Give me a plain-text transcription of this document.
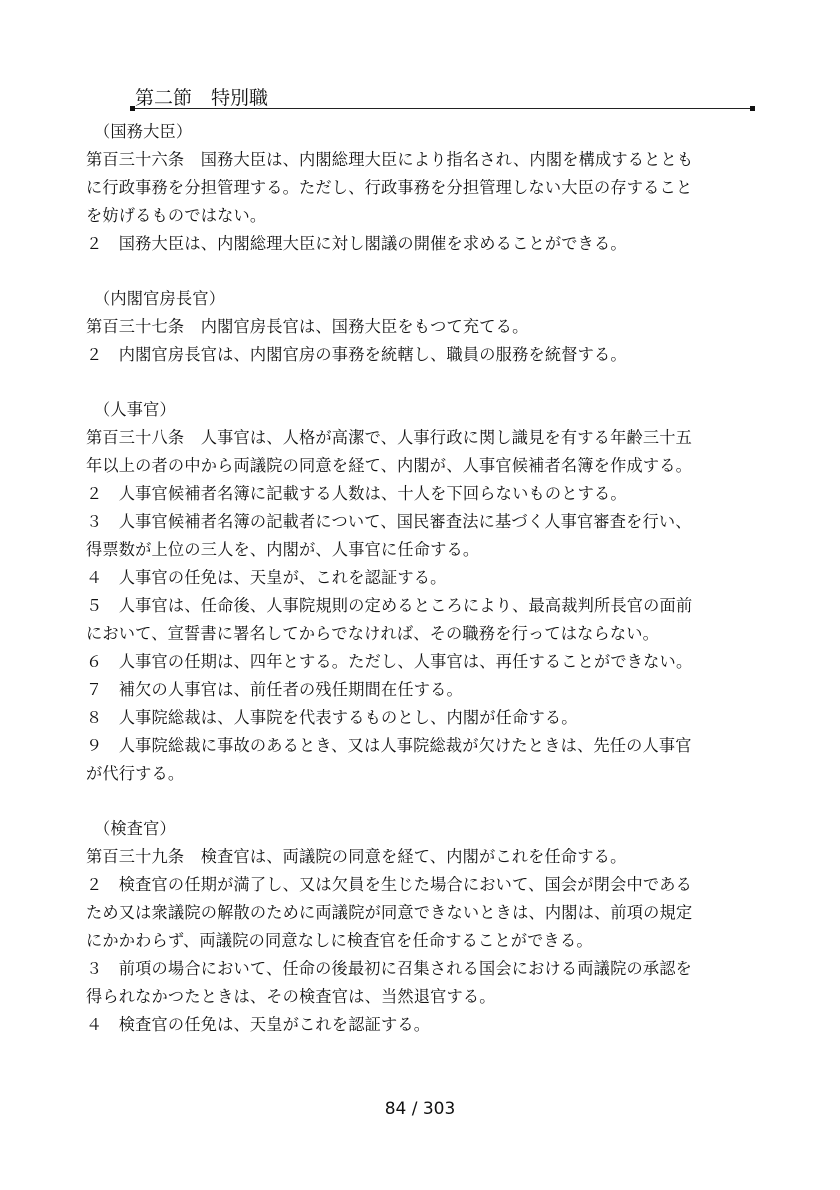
第二節　特別職
（国務大臣）
第百三十六条　国務大臣は、内閣総理大臣により指名され、内閣を構成するととも
に行政事務を分担管理する。ただし、行政事務を分担管理しない大臣の存すること
を妨げるものではない。
２　国務大臣は、内閣総理大臣に対し閣議の開催を求めることができる。
（内閣官房長官）
第百三十七条　内閣官房長官は、国務大臣をもつて充てる。
２　内閣官房長官は、内閣官房の事務を統轄し、職員の服務を統督する。
（人事官）
第百三十八条　人事官は、人格が高潔で、人事行政に関し識見を有する年齢三十五
年以上の者の中から両議院の同意を経て、内閣が、人事官候補者名簿を作成する。
２　人事官候補者名簿に記載する人数は、十人を下回らないものとする。
３　人事官候補者名簿の記載者について、国民審査法に基づく人事官審査を行い、
得票数が上位の三人を、内閣が、人事官に任命する。
４　人事官の任免は、天皇が、これを認証する。
５　人事官は、任命後、人事院規則の定めるところにより、最高裁判所長官の面前
において、宣誓書に署名してからでなければ、その職務を行ってはならない。
６　人事官の任期は、四年とする。ただし、人事官は、再任することができない。
７　補欠の人事官は、前任者の残任期間在任する。
８　人事院総裁は、人事院を代表するものとし、内閣が任命する。
９　人事院総裁に事故のあるとき、又は人事院総裁が欠けたときは、先任の人事官
が代行する。
（検査官）
第百三十九条　検査官は、両議院の同意を経て、内閣がこれを任命する。
２　検査官の任期が満了し、又は欠員を生じた場合において、国会が閉会中である
ため又は衆議院の解散のために両議院が同意できないときは、内閣は、前項の規定
にかかわらず、両議院の同意なしに検査官を任命することができる。
３　前項の場合において、任命の後最初に召集される国会における両議院の承認を
得られなかつたときは、その検査官は、当然退官する。
４　検査官の任免は、天皇がこれを認証する。
84 / 303
